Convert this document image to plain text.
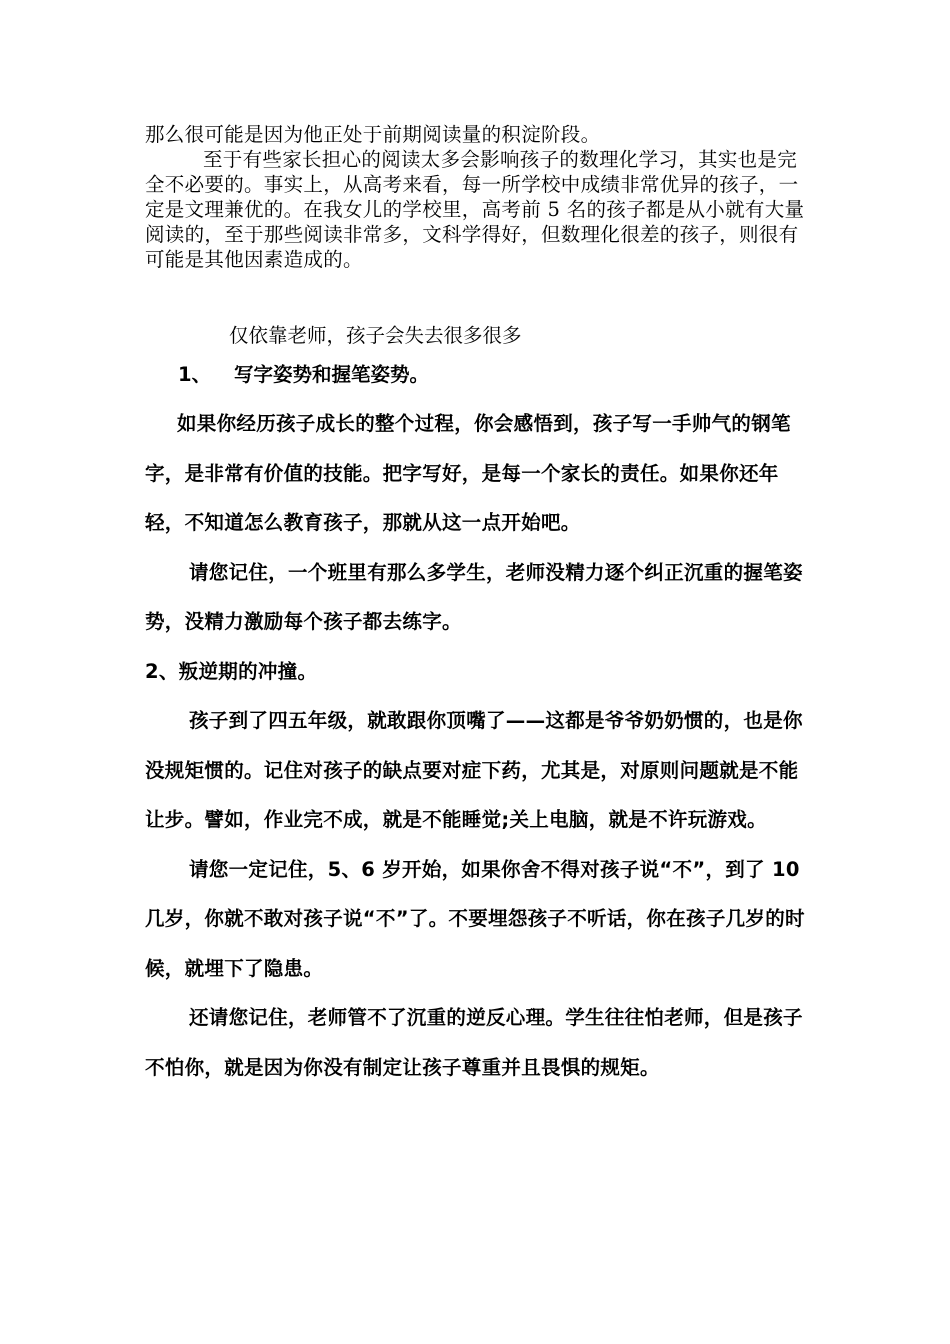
那么很可能是因为他正处于前期阅读量的积淀阶段。

至于有些家长担心的阅读太多会影响孩子的数理化学习，其实也是完全不必要的。事实上，从高考来看，每一所学校中成绩非常优异的孩子，一定是文理兼优的。在我女儿的学校里，高考前 5 名的孩子都是从小就有大量阅读的，至于那些阅读非常多，文科学得好，但数理化很差的孩子，则很有可能是其他因素造成的。

仅依靠老师，孩子会失去很多很多
1、 写字姿势和握笔姿势。

如果你经历孩子成长的整个过程，你会感悟到，孩子写一手帅气的钢笔字，是非常有价值的技能。把字写好，是每一个家长的责任。如果你还年轻，不知道怎么教育孩子，那就从这一点开始吧。

请您记住，一个班里有那么多学生，老师没精力逐个纠正沉重的握笔姿势，没精力激励每个孩子都去练字。

2、叛逆期的冲撞。

孩子到了四五年级，就敢跟你顶嘴了——这都是爷爷奶奶惯的，也是你没规矩惯的。记住对孩子的缺点要对症下药，尤其是，对原则问题就是不能让步。譬如，作业完不成，就是不能睡觉;关上电脑，就是不许玩游戏。

请您一定记住，5、6 岁开始，如果你舍不得对孩子说“不”，到了 10 几岁，你就不敢对孩子说“不”了。不要埋怨孩子不听话，你在孩子几岁的时候，就埋下了隐患。

还请您记住，老师管不了沉重的逆反心理。学生往往怕老师，但是孩子不怕你，就是因为你没有制定让孩子尊重并且畏惧的规矩。
